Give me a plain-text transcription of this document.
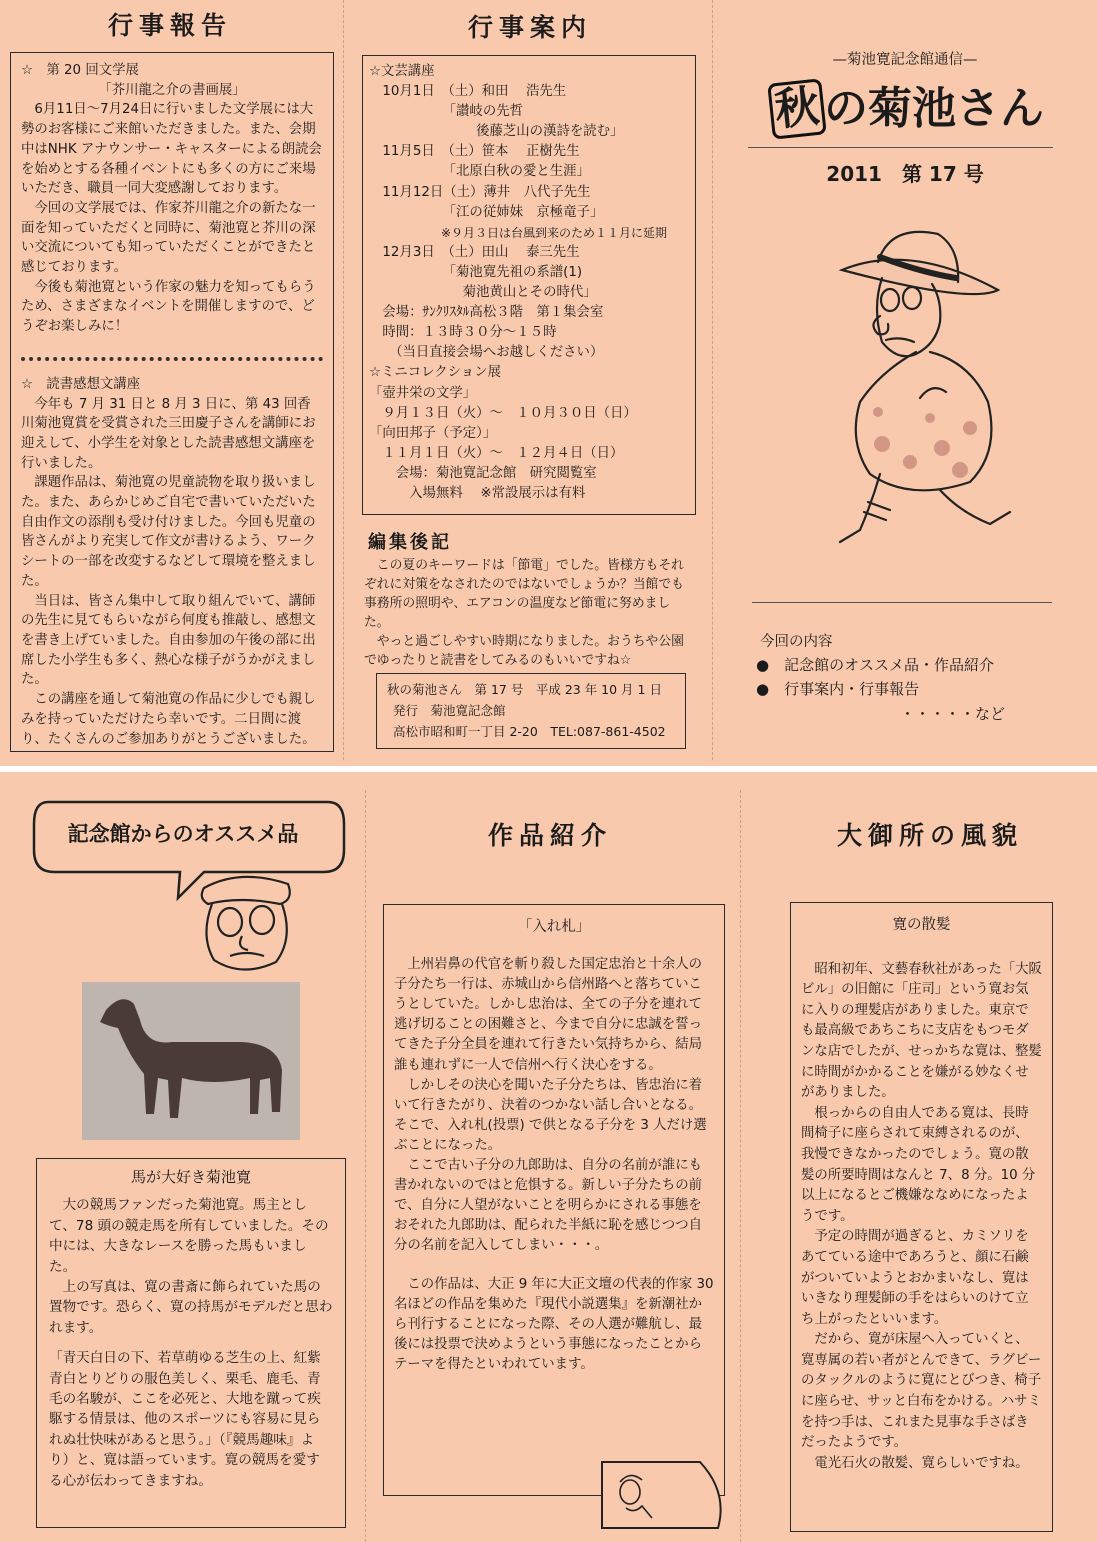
行事報告
☆　第 20 回文学展
「芥川龍之介の書画展」

6月11日～7月24日に行いました文学展には大勢のお客様にご来館いただきました。また、会期中はNHK アナウンサー・キャスターによる朗読会を始めとする各種イベントにも多くの方にご来場いただき、職員一同大変感謝しております。

今回の文学展では、作家芥川龍之介の新たな一面を知っていただくと同時に、菊池寛と芥川の深い交流についても知っていただくことができたと感じております。

今後も菊池寛という作家の魅力を知ってもらうため、さまざまなイベントを開催しますので、どうぞお楽しみに！

☆　読書感想文講座

今年も 7 月 31 日と 8 月 3 日に、第 43 回香川菊池寛賞を受賞された三田慶子さんを講師にお迎えして、小学生を対象とした読書感想文講座を行いました。

課題作品は、菊池寛の児童読物を取り扱いました。また、あらかじめご自宅で書いていただいた自由作文の添削も受け付けました。今回も児童の皆さんがより充実して作文が書けるよう、ワークシートの一部を改変するなどして環境を整えました。

当日は、皆さん集中して取り組んでいて、講師の先生に見てもらいながら何度も推敲し、感想文を書き上げていました。自由参加の午後の部に出席した小学生も多く、熱心な様子がうかがえました。

この講座を通して菊池寛の作品に少しでも親しみを持っていただけたら幸いです。二日間に渡り、たくさんのご参加ありがとうございました。

行事案内
☆文芸講座
　10月1日　（土）和田　 浩先生
　　　　　　「讃岐の先哲
　　　　　　　　後藤芝山の漢詩を読む」
　11月5日　（土）笹本　 正樹先生
　　　　　　「北原白秋の愛と生涯」
　11月12日（土）薄井　八代子先生
　　　　　　「江の従姉妹　京極竜子」
　　　　　　※９月３日は台風到来のため１１月に延期
　12月3日　（土）田山　 泰三先生
　　　　　　「菊池寛先祖の系譜(1)
　　　　　　　菊池黄山とその時代」
　会場：ｻﾝｸﾘｽﾀﾙ高松３階　第１集会室
　時間：１３時３０分～１５時
　　（当日直接会場へお越しください）
☆ミニコレクション展
「壺井栄の文学」
　９月１３日（火）～　１０月３０日（日）
「向田邦子（予定）」
　１１月１日（火）～　１２月４日（日）
　　会場：菊池寛記念館　研究閲覧室
　　　入場無料　 ※常設展示は有料
編集後記

この夏のキーワードは「節電」でした。皆様方もそれぞれに対策をなされたのではないでしょうか？当館でも事務所の照明や、エアコンの温度など節電に努めました。

やっと過ごしやすい時期になりました。おうちや公園でゆったりと読書をしてみるのもいいですね☆

秋の菊池さん　第 17 号　平成 23 年 10 月 1 日
発行　菊池寛記念館
高松市昭和町一丁目 2-20　TEL:087-861-4502
—菊池寛記念館通信—
秋の菊池さん
2011　第 17 号
今回の内容
●　記念館のオススメ品・作品紹介
●　行事案内・行事報告
・・・・・など
記念館からのオススメ品
馬が大好き菊池寛

大の競馬ファンだった菊池寛。馬主として、78 頭の競走馬を所有していました。その中には、大きなレースを勝った馬もいました。

上の写真は、寛の書斎に飾られていた馬の置物です。恐らく、寛の持馬がモデルだと思われます。

「青天白日の下、若草萌ゆる芝生の上、紅紫青白とりどりの服色美しく、栗毛、鹿毛、青毛の名駿が、ここを必死と、大地を蹴って疾駆する情景は、他のスポーツにも容易に見られぬ壮快味があると思う。」（『競馬趣味』より）と、寛は語っています。寛の競馬を愛する心が伝わってきますね。
作品紹介
「入れ札」

上州岩鼻の代官を斬り殺した国定忠治と十余人の子分たち一行は、赤城山から信州路へと落ちていこうとしていた。しかし忠治は、全ての子分を連れて逃げ切ることの困難さと、今まで自分に忠誠を誓ってきた子分全員を連れて行きたい気持ちから、結局誰も連れずに一人で信州へ行く決心をする。

しかしその決心を聞いた子分たちは、皆忠治に着いて行きたがり、決着のつかない話し合いとなる。そこで、入れ札(投票) で供となる子分を 3 人だけ選ぶことになった。

ここで古い子分の九郎助は、自分の名前が誰にも書かれないのではと危惧する。新しい子分たちの前で、自分に人望がないことを明らかにされる事態をおそれた九郎助は、配られた半紙に恥を感じつつ自分の名前を記入してしまい・・・。

この作品は、大正 9 年に大正文壇の代表的作家 30 名ほどの作品を集めた『現代小説選集』を新潮社から刊行することになった際、その人選が難航し、最後には投票で決めようという事態になったことからテーマを得たといわれています。

大御所の風貌
寛の散髪

昭和初年、文藝春秋社があった「大阪ビル」の旧館に「庄司」という寛お気に入りの理髪店がありました。東京でも最高級であちこちに支店をもつモダンな店でしたが、せっかちな寛は、整髪に時間がかかることを嫌がる妙なくせがありました。

根っからの自由人である寛は、長時間椅子に座らされて束縛されるのが、我慢できなかったのでしょう。寛の散髪の所要時間はなんと 7、8 分。10 分以上になるとご機嫌ななめになったようです。

予定の時間が過ぎると、カミソリをあてている途中であろうと、顔に石鹸がついていようとおかまいなし、寛はいきなり理髪師の手をはらいのけて立ち上がったといいます。

だから、寛が床屋へ入っていくと、寛専属の若い者がとんできて、ラグビーのタックルのように寛にとびつき、椅子に座らせ、サッと白布をかける。ハサミを持つ手は、これまた見事な手さばきだったようです。

電光石火の散髪、寛らしいですね。
